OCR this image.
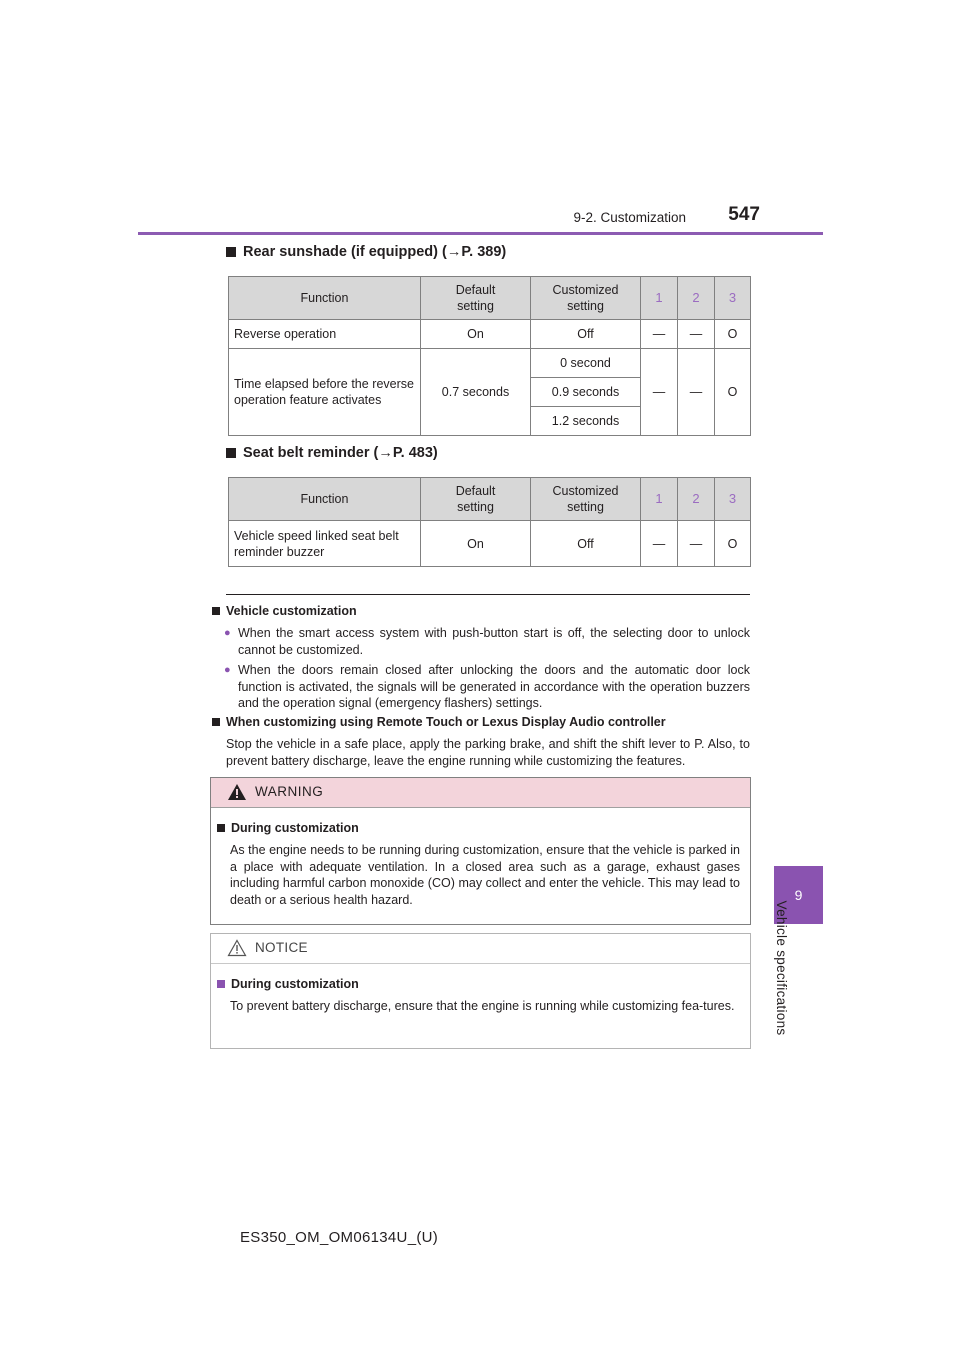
9-2. Customization	547
9
Vehicle specifications
Rear sunshade (if equipped) (→P. 389)
Function	Default setting	Customized setting	1	2	3
Reverse operation	On	Off	—	—	O
Time elapsed before the reverse operation feature activates	0.7 seconds	0 second	—	—	O
		0.9 seconds			
		1.2 seconds			
Seat belt reminder (→P. 483)
Function	Default setting	Customized setting	1	2	3
Vehicle speed linked seat belt reminder buzzer	On	Off	—	—	O
Vehicle customization
● When the smart access system with push-button start is off, the selecting door to unlock cannot be customized.
● When the doors remain closed after unlocking the doors and the automatic door lock function is activated, the signals will be generated in accordance with the operation buzzers and the operation signal (emergency flashers) settings.
When customizing using Remote Touch or Lexus Display Audio controller
Stop the vehicle in a safe place, apply the parking brake, and shift the shift lever to P. Also, to prevent battery discharge, leave the engine running while customizing the features.
WARNING
During customization
As the engine needs to be running during customization, ensure that the vehicle is parked in a place with adequate ventilation. In a closed area such as a garage, exhaust gases including harmful carbon monoxide (CO) may collect and enter the vehicle. This may lead to death or a serious health hazard.
NOTICE
During customization
To prevent battery discharge, ensure that the engine is running while customizing fea-tures.
ES350_OM_OM06134U_(U)
